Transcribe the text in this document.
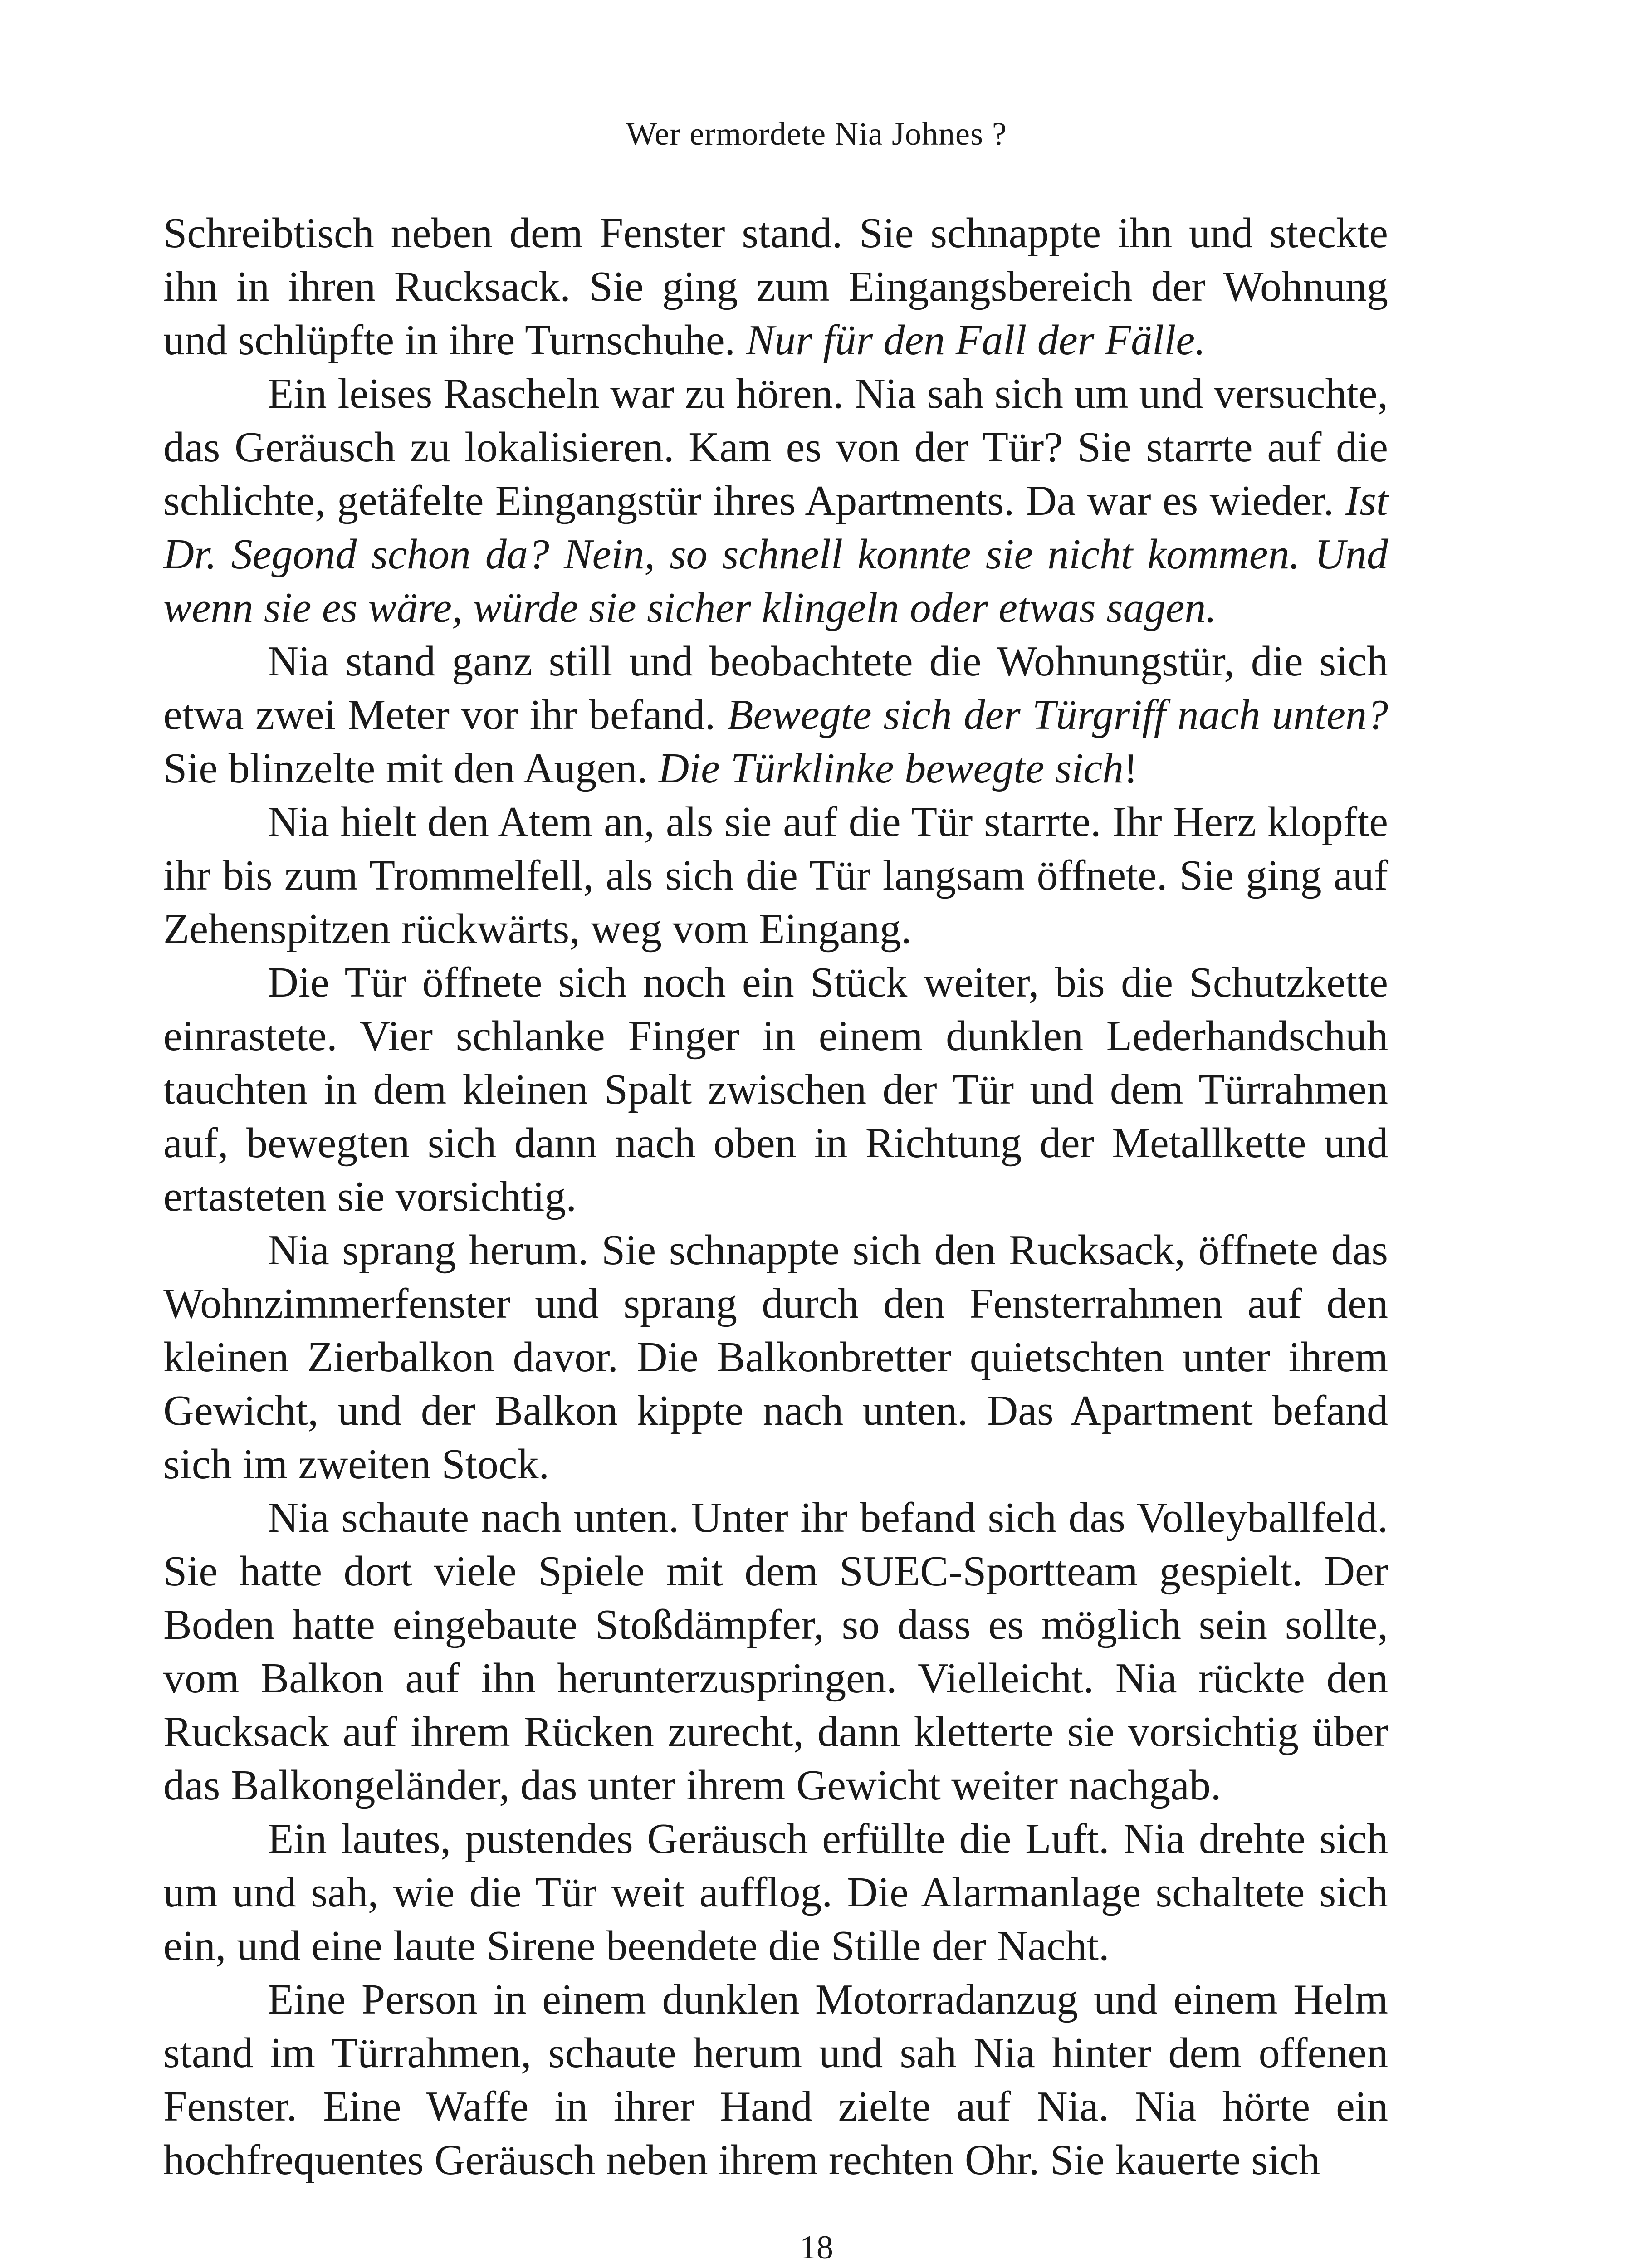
Wer ermordete Nia Johnes ?

Schreibtisch neben dem Fenster stand. Sie schnappte ihn und steckte ihn in ihren Rucksack. Sie ging zum Eingangsbereich der Wohnung und schlüpfte in ihre Turnschuhe. Nur für den Fall der Fälle.

Ein leises Rascheln war zu hören. Nia sah sich um und versuchte, das Geräusch zu lokalisieren. Kam es von der Tür? Sie starrte auf die schlichte, getäfelte Eingangstür ihres Apartments. Da war es wieder. Ist Dr. Segond schon da? Nein, so schnell konnte sie nicht kommen. Und wenn sie es wäre, würde sie sicher klingeln oder etwas sagen.

Nia stand ganz still und beobachtete die Wohnungstür, die sich etwa zwei Meter vor ihr befand. Bewegte sich der Türgriff nach unten? Sie blinzelte mit den Augen. Die Türklinke bewegte sich!

Nia hielt den Atem an, als sie auf die Tür starrte. Ihr Herz klopfte ihr bis zum Trommelfell, als sich die Tür langsam öffnete. Sie ging auf Zehenspitzen rückwärts, weg vom Eingang.

Die Tür öffnete sich noch ein Stück weiter, bis die Schutzkette einrastete. Vier schlanke Finger in einem dunklen Lederhandschuh tauchten in dem kleinen Spalt zwischen der Tür und dem Türrahmen auf, bewegten sich dann nach oben in Richtung der Metallkette und ertasteten sie vorsichtig.

Nia sprang herum. Sie schnappte sich den Rucksack, öffnete das Wohnzimmerfenster und sprang durch den Fensterrahmen auf den kleinen Zierbalkon davor. Die Balkonbretter quietschten unter ihrem Gewicht, und der Balkon kippte nach unten. Das Apartment befand sich im zweiten Stock.

Nia schaute nach unten. Unter ihr befand sich das Volleyballfeld. Sie hatte dort viele Spiele mit dem SUEC-Sportteam gespielt. Der Boden hatte eingebaute Stoßdämpfer, so dass es möglich sein sollte, vom Balkon auf ihn herunterzuspringen. Vielleicht. Nia rückte den Rucksack auf ihrem Rücken zurecht, dann kletterte sie vorsichtig über das Balkongeländer, das unter ihrem Gewicht weiter nachgab.

Ein lautes, pustendes Geräusch erfüllte die Luft. Nia drehte sich um und sah, wie die Tür weit aufflog. Die Alarmanlage schaltete sich ein, und eine laute Sirene beendete die Stille der Nacht.

Eine Person in einem dunklen Motorradanzug und einem Helm stand im Türrahmen, schaute herum und sah Nia hinter dem offenen Fenster. Eine Waffe in ihrer Hand zielte auf Nia. Nia hörte ein hochfrequentes Geräusch neben ihrem rechten Ohr. Sie kauerte sich

18
